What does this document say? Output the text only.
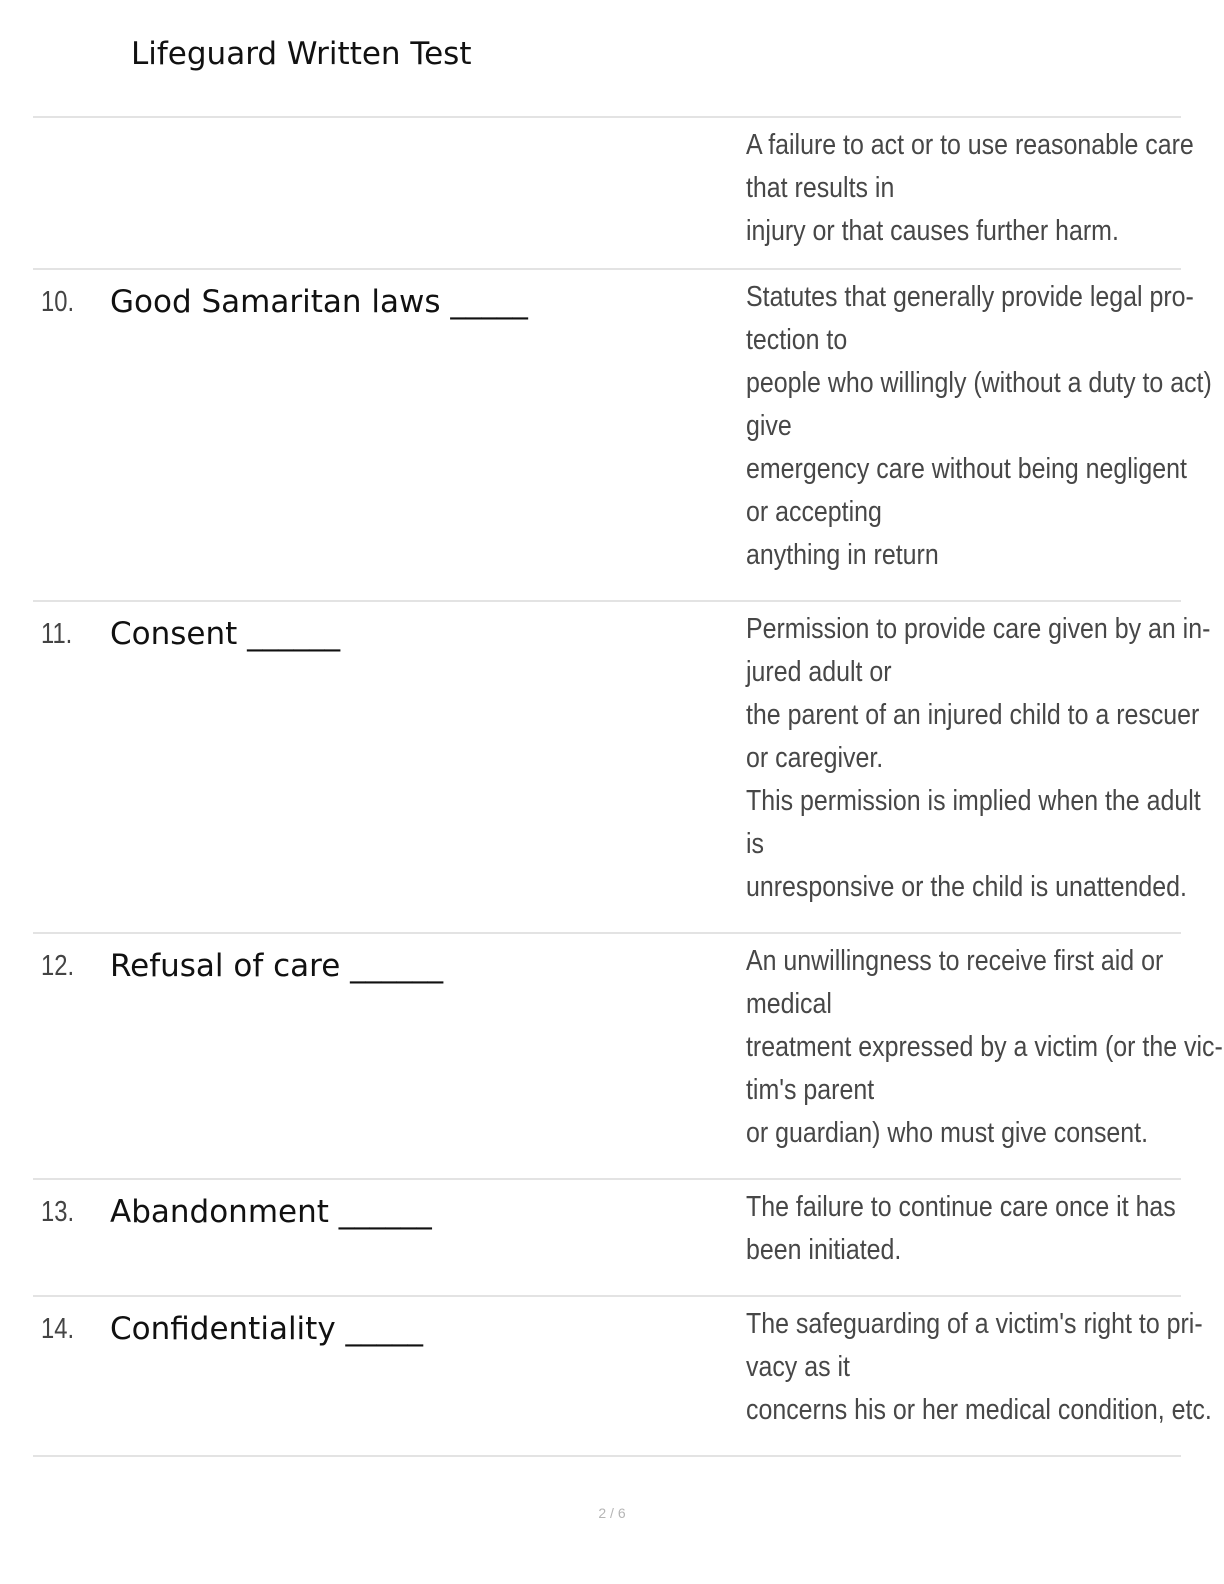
Lifeguard Written Test
A failure to act or to use reasonable care
that results in
injury or that causes further harm.
10. Good Samaritan laws _____	Statutes that generally provide legal pro-
tection to
people who willingly (without a duty to act)
give
emergency care without being negligent
or accepting
anything in return
11. Consent ______	Permission to provide care given by an in-
jured adult or
the parent of an injured child to a rescuer
or caregiver.
This permission is implied when the adult
is
unresponsive or the child is unattended.
12. Refusal of care ______	An unwillingness to receive first aid or
medical
treatment expressed by a victim (or the vic-
tim's parent
or guardian) who must give consent.
13. Abandonment ______	The failure to continue care once it has
been initiated.
14. Confidentiality _____	The safeguarding of a victim's right to pri-
vacy as it
concerns his or her medical condition, etc.
2 / 6
